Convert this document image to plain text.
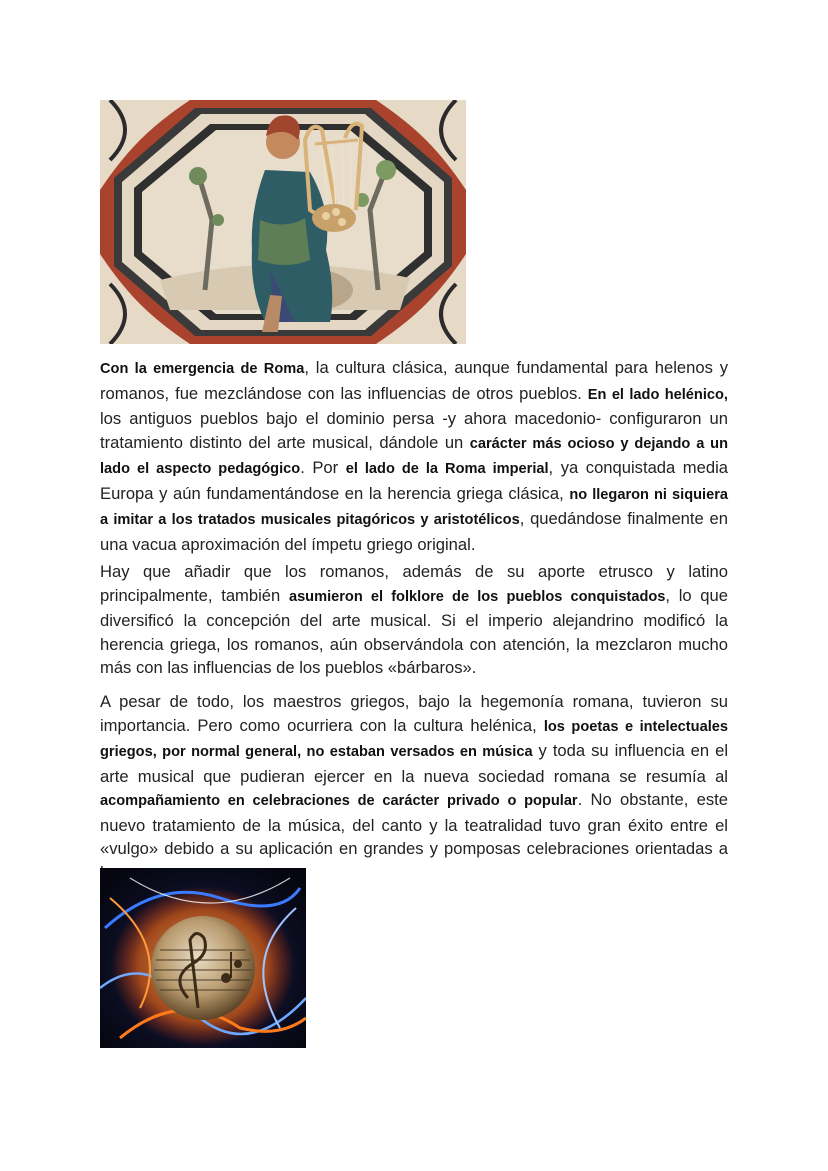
Con la emergencia de Roma, la cultura clásica, aunque fundamental para helenos y romanos, fue mezclándose con las influencias de otros pueblos. En el lado helénico, los antiguos pueblos bajo el dominio persa -y ahora macedonio- configuraron un tratamiento distinto del arte musical, dándole un carácter más ocioso y dejando a un lado el aspecto pedagógico. Por el lado de la Roma imperial, ya conquistada media Europa y aún fundamentándose en la herencia griega clásica, no llegaron ni siquiera a imitar a los tratados musicales pitagóricos y aristotélicos, quedándose finalmente en una vacua aproximación del ímpetu griego original.

Hay que añadir que los romanos, además de su aporte etrusco y latino principalmente, también asumieron el folklore de los pueblos conquistados, lo que diversificó la concepción del arte musical. Si el imperio alejandrino modificó la herencia griega, los romanos, aún observándola con atención, la mezclaron mucho más con las influencias de los pueblos «bárbaros».

A pesar de todo, los maestros griegos, bajo la hegemonía romana, tuvieron su importancia. Pero como ocurriera con la cultura helénica, los poetas e intelectuales griegos, por normal general, no estaban versados en música y toda su influencia en el arte musical que pudieran ejercer en la nueva sociedad romana se resumía al acompañamiento en celebraciones de carácter privado o popular. No obstante, este nuevo tratamiento de la música, del canto y la teatralidad tuvo gran éxito entre el «vulgo» debido a su aplicación en grandes y pomposas celebraciones orientadas a
